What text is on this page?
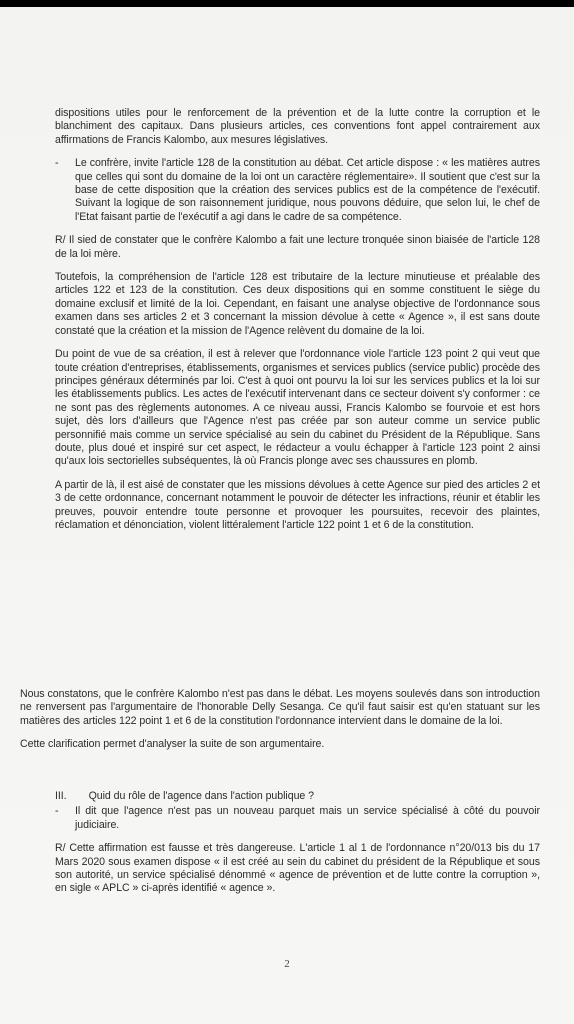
dispositions utiles pour le renforcement de la prévention et de la lutte contre la corruption et le blanchiment des capitaux. Dans plusieurs articles, ces conventions font appel contrairement aux affirmations de Francis Kalombo, aux mesures législatives.

- Le confrère, invite l'article 128 de la constitution au débat. Cet article dispose : « les matières autres que celles qui sont du domaine de la loi ont un caractère réglementaire». Il soutient que c'est sur la base de cette disposition que la création des services publics est de la compétence de l'exécutif. Suivant la logique de son raisonnement juridique, nous pouvons déduire, que selon lui, le chef de l'Etat faisant partie de l'exécutif a agi dans le cadre de sa compétence.

R/ Il sied de constater que le confrère Kalombo a fait une lecture tronquée sinon biaisée de l'article 128 de la loi mère.

Toutefois, la compréhension de l'article 128 est tributaire de la lecture minutieuse et préalable des articles 122 et 123 de la constitution. Ces deux dispositions qui en somme constituent le siège du domaine exclusif et limité de la loi. Cependant, en faisant une analyse objective de l'ordonnance sous examen dans ses articles 2 et 3 concernant la mission dévolue à cette « Agence », il est sans doute constaté que la création et la mission de l'Agence relèvent du domaine de la loi.

Du point de vue de sa création, il est à relever que l'ordonnance viole l'article 123 point 2 qui veut que toute création d'entreprises, établissements, organismes et services publics (service public) procède des principes généraux déterminés par loi. C'est à quoi ont pourvu la loi sur les services publics et la loi sur les établissements publics. Les actes de l'exécutif intervenant dans ce secteur doivent s'y conformer : ce ne sont pas des règlements autonomes. A ce niveau aussi, Francis Kalombo se fourvoie et est hors sujet, dès lors d'ailleurs que l'Agence n'est pas créée par son auteur comme un service public personnifié mais comme un service spécialisé au sein du cabinet du Président de la République. Sans doute, plus doué et inspiré sur cet aspect, le rédacteur a voulu échapper à l'article 123 point 2 ainsi qu'aux lois sectorielles subséquentes, là où Francis plonge avec ses chaussures en plomb.

A partir de là, il est aisé de constater que les missions dévolues à cette Agence sur pied des articles 2 et 3 de cette ordonnance, concernant notamment le pouvoir de détecter les infractions, réunir et établir les preuves, pouvoir entendre toute personne et provoquer les poursuites, recevoir des plaintes, réclamation et dénonciation, violent littéralement l'article 122 point 1 et 6 de la constitution.

Nous constatons, que le confrère Kalombo n'est pas dans le débat. Les moyens soulevés dans son introduction ne renversent pas l'argumentaire de l'honorable Delly Sesanga. Ce qu'il faut saisir est qu'en statuant sur les matières des articles 122 point 1 et 6 de la constitution l'ordonnance intervient dans le domaine de la loi.

Cette clarification permet d'analyser la suite de son argumentaire.

III. Quid du rôle de l'agence dans l'action publique ?
- Il dit que l'agence n'est pas un nouveau parquet mais un service spécialisé à côté du pouvoir judiciaire.

R/ Cette affirmation est fausse et très dangereuse. L'article 1 al 1 de l'ordonnance n°20/013 bis du 17 Mars 2020 sous examen dispose « il est créé au sein du cabinet du président de la République et sous son autorité, un service spécialisé dénommé « agence de prévention et de lutte contre la corruption », en sigle « APLC » ci-après identifié « agence ».

2
